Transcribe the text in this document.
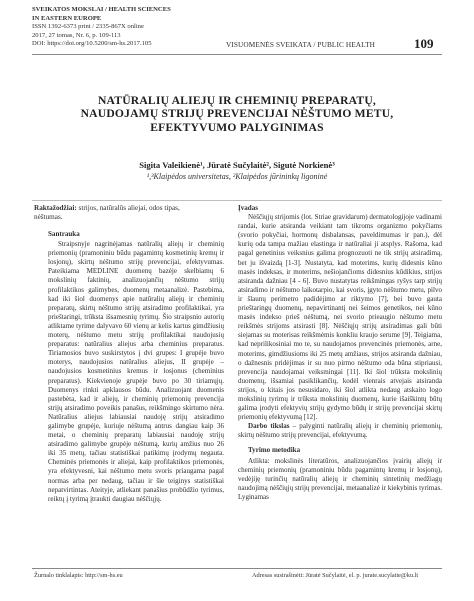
SVEIKATOS MOKSLAI / HEALTH SCIENCES
IN EASTERN EUROPE
ISSN 1392-6373 print / 2335-867X online
2017, 27 tomas, Nr. 6, p. 109-113
DOI: https://doi.org/10.5200/sm-hs.2017.105	VISUOMENĖS SVEIKATA / PUBLIC HEALTH	109
NATŪRALIŲ ALIEJŲ IR CHEMINIŲ PREPARATŲ,
NAUDOJAMŲ STRIJŲ PREVENCIJAI NĖŠTUMO METU,
EFEKTYVUMO PALYGINIMAS
Sigita Valeikienė¹, Jūratė Sučylaitė², Sigutė Norkienė³
¹,³Klaipėdos universitetas, ²Klaipėdos jūrininkų ligoninė
Raktažodžiai: strijos, natūralūs aliejai, odos tipas, nėštumas.
Santrauka

Straipsnyje nagrinėjamas natūralių aliejų ir cheminių priemonių (pramoniniu būdu pagamintų kosmetinių kremų ir losjonų), skirtų nėštumo strijų prevencijai, efektyvumas. Pateikiama MEDLINE duomenų bazėje skelbiamų 6 mokslinių faktinių, analizuojančių nėštumo strijų profilaktikos galimybes, duomenų metaanalizė. Pastebima, kad iki šiol duomenys apie natūralių aliejų ir cheminių preparatų, skirtų nėštumo strijų atsiradimo profilaktikai, yra prieštaringi, trūksta išsamesnių tyrimų. Šio straipsnio autorių atliktame tyrime dalyvavo 60 vienų ar kelis kartus gimdžiusių moterų, nėštumo metu strijų profilaktikai naudojusių preparatus: natūralius aliejus arba cheminius preparatus. Tiriamosios buvo suskirstytos į dvi grupes: I grupėje buvo moterys, naudojusios natūralius aliejus, II grupėje – naudojusios kosmetinius kremus ir losjonus (cheminius preparatus). Kiekvienoje grupėje buvo po 30 tiriamųjų. Duomenys rinkti apklausos būdu. Analizuojant duomenis pastebėta, kad ir aliejų, ir cheminių priemonių prevencija strijų atsiradimo poveikis panašus, reikšmingo skirtumo nėra. Natūralius aliejus labiausiai naudoję strijų atsiradimo galimybe grupėje, kuriuje nėštumą antrus dangiau kaip 36 metai, o cheminių preparatų labiausiai naudoję strijų atsiradimo galimybe grupėje nėštumą, kurių amžius nuo 26 iki 35 metų, tačiau statistiškai patikimų įrodymų negauta. Cheminės priemonės ir aliejai, kaip profilaktikos priemonės, yra efektyvesni, kai nėštumo metu svoris priaugama pagal normas arba per nedaug, tačiau ir šie teiginys statistiškai nepatvirtintas. Ateityje, atliekant panašius probūdžio tyrimus, reiktų į tyrimą įtraukti daugiau nėščiųjų.

Įvadas

Nėščiųjų strijomis (lot. Striae gravidarum) dermatologijoje vadinami randai, kurie atsiranda veikiant tam tikroms organizmo pokyčiams (svorio pokyčiai, hormonų disbalansas, paveldimumas ir pan.), dėl kurių oda tampa mažiau elastinga ir natūraliai ji atsplys. Rašoma, kad pagal genetinius veiksnius galima prognozuoti ne tik strijų atsiradimą, bet ju išvaizdą [1-3]. Nustatyta, kad moterims, kurių didesnis kūno masės indeksas, ir moterims, nešiojančioms didesnius kūdikius, strijos atsiranda dažniau [4 - 6]. Buvo nustatytas reikšmingas ryšys tarp strijų atsiradimo ir nėštumo laikotarpio, kai svoris, įgyto nėštumo metu, pilvo ir šlaunų perimetro padidėjimo ar riktymo [7], bei buvo gauta prieštaringų duomenų, nepavirtinantį nei šeimos genetikos, nei kūno masės indekso prieš nėštumą, nei svorio prieaugio nėštumo metu reikšmės strijoms atsirasti [8]. Nėščiųjų strijų atsiradimas gali būti siejamas su moterisas reikšmėmis konkliu kraujo serume [9]. Teigiama, kad neprilikosiniai mo te, su naudojamos prevencinės priemonės, arne, moterims, gimdžiusioms iki 25 metų amžiaus, strijos atsiranda dažniau, o dažnesnis pridėjimas ir su nuo pirmo nėštumo oda būna stipriausi, prevencija naudojamai veiksmingai [11]. Iki šiol trūksta mokslinių duomenų, išsamiai pasiklikančių, kodėl vienrais atvejais atsiranda strijos, o kitais jos nesusidaro, iki šiol atlikta nedaug atskaito logo mokslinių tyrimų ir trūksta mokslinių duomenų, kurie išaiškintų būtų galima įrodyti efektyvių strijų gydymo būdų ir strijų prevencijai skirtų priemonių efektyvumą [12].

Darbo tikslas – palyginti natūralių aliejų ir cheminių priemonių, skirtų nėštumo strijų prevencijai, efektyvumą.

Tyrimo metodika

Atlikta: mokslinės literatūros, analizuojančios įvairių aliejų ir cheminių priemonių (pramoniniu būdu pagamintų kremų ir losjonų), vedėjiję turinčių natūralių aliejų ir cheminių sintetinių medžiagų naudojimą nėščiųjų strijų prevencijai, metaanalizė ir kiekybinis tyrimas. Lyginamas

Žurnalo tinklalapis: http://sm-hs.eu	Adresas susirašinėti: Jūratė Sučylaitė, el. p. jurate.sucylaite@ku.lt
